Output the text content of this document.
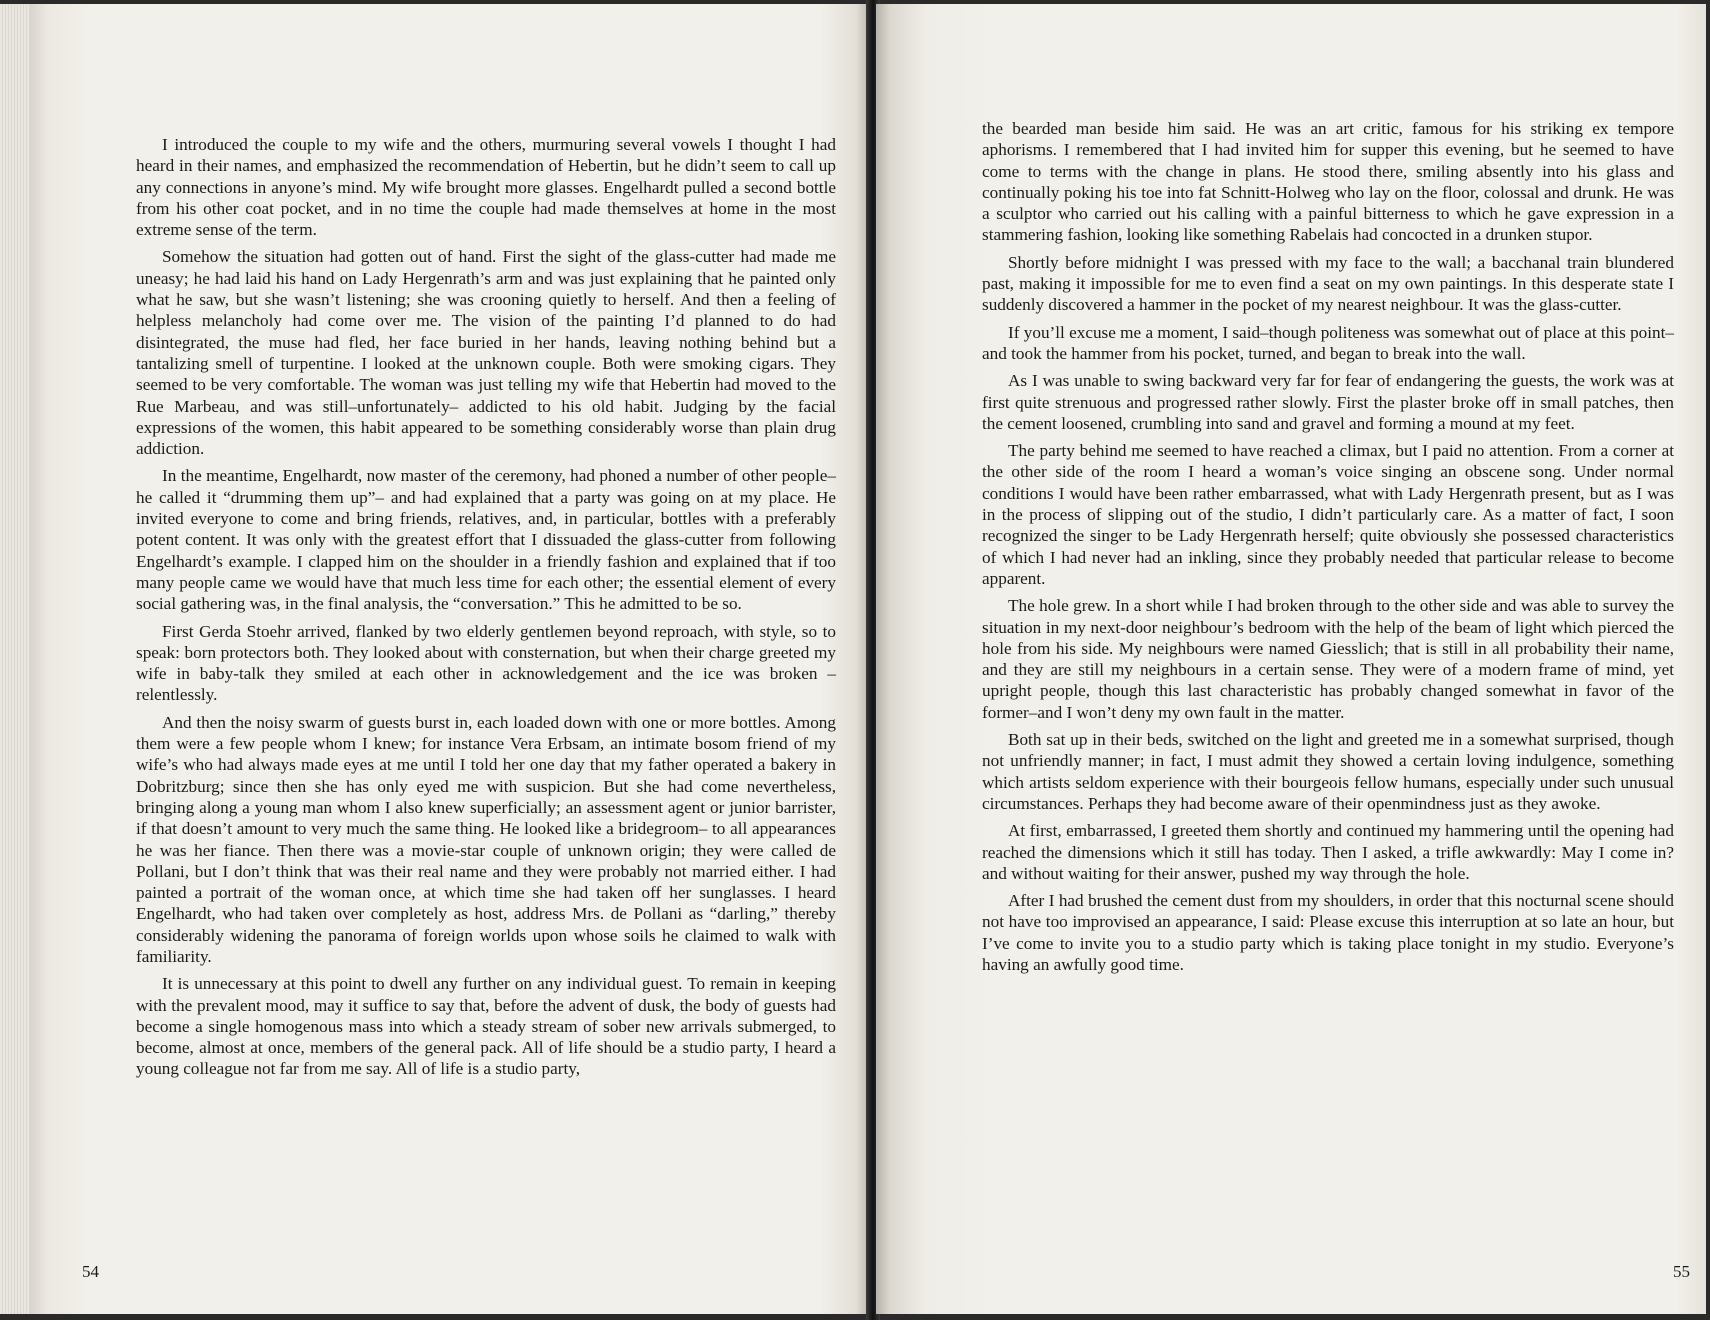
I introduced the couple to my wife and the others, murmuring several vowels I thought I had heard in their names, and emphasized the recommendation of Hebertin, but he didn’t seem to call up any connections in anyone’s mind. My wife brought more glasses. Engelhardt pulled a second bottle from his other coat pocket, and in no time the couple had made themselves at home in the most extreme sense of the term.

Somehow the situation had gotten out of hand. First the sight of the glass-cutter had made me uneasy; he had laid his hand on Lady Hergenrath’s arm and was just explaining that he painted only what he saw, but she wasn’t listening; she was crooning quietly to herself. And then a feeling of helpless melancholy had come over me. The vision of the painting I’d planned to do had disintegrated, the muse had fled, her face buried in her hands, leaving nothing behind but a tantalizing smell of turpentine. I looked at the unknown couple. Both were smoking cigars. They seemed to be very comfortable. The woman was just telling my wife that Hebertin had moved to the Rue Marbeau, and was still–unfortunately– addicted to his old habit. Judging by the facial expressions of the women, this habit appeared to be something considerably worse than plain drug addiction.

In the meantime, Engelhardt, now master of the ceremony, had phoned a number of other people– he called it “drumming them up”– and had explained that a party was going on at my place. He invited everyone to come and bring friends, relatives, and, in particular, bottles with a preferably potent content. It was only with the greatest effort that I dissuaded the glass-cutter from following Engelhardt’s example. I clapped him on the shoulder in a friendly fashion and explained that if too many people came we would have that much less time for each other; the essential element of every social gathering was, in the final analysis, the “conversation.” This he admitted to be so.

First Gerda Stoehr arrived, flanked by two elderly gentlemen beyond reproach, with style, so to speak: born protectors both. They looked about with consternation, but when their charge greeted my wife in baby-talk they smiled at each other in acknowledgement and the ice was broken – relentlessly.

And then the noisy swarm of guests burst in, each loaded down with one or more bottles. Among them were a few people whom I knew; for instance Vera Erbsam, an intimate bosom friend of my wife’s who had always made eyes at me until I told her one day that my father operated a bakery in Dobritzburg; since then she has only eyed me with suspicion. But she had come nevertheless, bringing along a young man whom I also knew superficially; an assessment agent or junior barrister, if that doesn’t amount to very much the same thing. He looked like a bridegroom– to all appearances he was her fiance. Then there was a movie-star couple of unknown origin; they were called de Pollani, but I don’t think that was their real name and they were probably not married either. I had painted a portrait of the woman once, at which time she had taken off her sunglasses. I heard Engelhardt, who had taken over completely as host, address Mrs. de Pollani as “darling,” thereby considerably widening the panorama of foreign worlds upon whose soils he claimed to walk with familiarity.

It is unnecessary at this point to dwell any further on any individual guest. To remain in keeping with the prevalent mood, may it suffice to say that, before the advent of dusk, the body of guests had become a single homogenous mass into which a steady stream of sober new arrivals submerged, to become, almost at once, members of the general pack. All of life should be a studio party, I heard a young colleague not far from me say. All of life is a studio party,

54

the bearded man beside him said. He was an art critic, famous for his striking ex tempore aphorisms. I remembered that I had invited him for supper this evening, but he seemed to have come to terms with the change in plans. He stood there, smiling absently into his glass and continually poking his toe into fat Schnitt-Holweg who lay on the floor, colossal and drunk. He was a sculptor who carried out his calling with a painful bitterness to which he gave expression in a stammering fashion, looking like something Rabelais had concocted in a drunken stupor.

Shortly before midnight I was pressed with my face to the wall; a bacchanal train blundered past, making it impossible for me to even find a seat on my own paintings. In this desperate state I suddenly discovered a hammer in the pocket of my nearest neighbour. It was the glass-cutter.

If you’ll excuse me a moment, I said–though politeness was somewhat out of place at this point–and took the hammer from his pocket, turned, and began to break into the wall.

As I was unable to swing backward very far for fear of endangering the guests, the work was at first quite strenuous and progressed rather slowly. First the plaster broke off in small patches, then the cement loosened, crumbling into sand and gravel and forming a mound at my feet.

The party behind me seemed to have reached a climax, but I paid no attention. From a corner at the other side of the room I heard a woman’s voice singing an obscene song. Under normal conditions I would have been rather embarrassed, what with Lady Hergenrath present, but as I was in the process of slipping out of the studio, I didn’t particularly care. As a matter of fact, I soon recognized the singer to be Lady Hergenrath herself; quite obviously she possessed characteristics of which I had never had an inkling, since they probably needed that particular release to become apparent.

The hole grew. In a short while I had broken through to the other side and was able to survey the situation in my next-door neighbour’s bedroom with the help of the beam of light which pierced the hole from his side. My neighbours were named Giesslich; that is still in all probability their name, and they are still my neighbours in a certain sense. They were of a modern frame of mind, yet upright people, though this last characteristic has probably changed somewhat in favor of the former–and I won’t deny my own fault in the matter.

Both sat up in their beds, switched on the light and greeted me in a somewhat surprised, though not unfriendly manner; in fact, I must admit they showed a certain loving indulgence, something which artists seldom experience with their bourgeois fellow humans, especially under such unusual circumstances. Perhaps they had become aware of their openmindness just as they awoke.

At first, embarrassed, I greeted them shortly and continued my hammering until the opening had reached the dimensions which it still has today. Then I asked, a trifle awkwardly: May I come in? and without waiting for their answer, pushed my way through the hole.

After I had brushed the cement dust from my shoulders, in order that this nocturnal scene should not have too improvised an appearance, I said: Please excuse this interruption at so late an hour, but I’ve come to invite you to a studio party which is taking place tonight in my studio. Everyone’s having an awfully good time.

55
